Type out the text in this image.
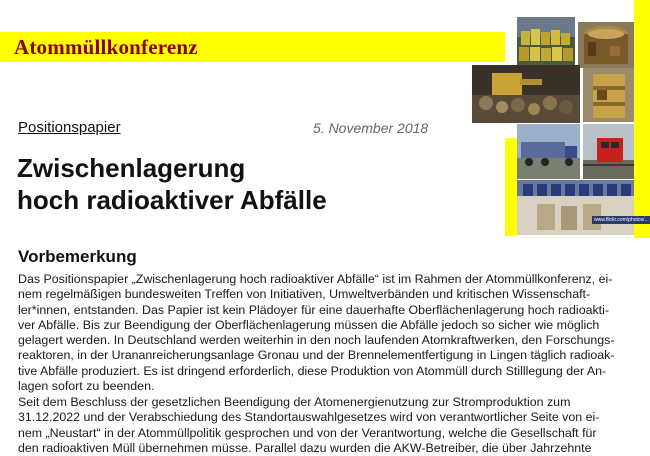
Atommüllkonferenz
www.flickr.com/photos/...
Positionspapier	5. November 2018
Zwischenlagerung
hoch radioaktiver Abfälle
Vorbemerkung
Das Positionspapier „Zwischenlagerung hoch radioaktiver Abfälle“ ist im Rahmen der Atommüllkonferenz, ei-
nem regelmäßigen bundesweiten Treffen von Initiativen, Umweltverbänden und kritischen Wissenschaft-
ler*innen, entstanden. Das Papier ist kein Plädoyer für eine dauerhafte Oberflächenlagerung hoch radioakti-
ver Abfälle. Bis zur Beendigung der Oberflächenlagerung müssen die Abfälle jedoch so sicher wie möglich
gelagert werden. In Deutschland werden weiterhin in den noch laufenden Atomkraftwerken, den Forschungs-
reaktoren, in der Urananreicherungsanlage Gronau und der Brennelementfertigung in Lingen täglich radioak-
tive Abfälle produziert. Es ist dringend erforderlich, diese Produktion von Atommüll durch Stilllegung der An-
lagen sofort zu beenden.
Seit dem Beschluss der gesetzlichen Beendigung der Atomenergienutzung zur Stromproduktion zum
31.12.2022 und der Verabschiedung des Standortauswahlgesetzes wird von verantwortlicher Seite von ei-
nem „Neustart“ in der Atommüllpolitik gesprochen und von der Verantwortung, welche die Gesellschaft für
den radioaktiven Müll übernehmen müsse. Parallel dazu wurden die AKW-Betreiber, die über Jahrzehnte
